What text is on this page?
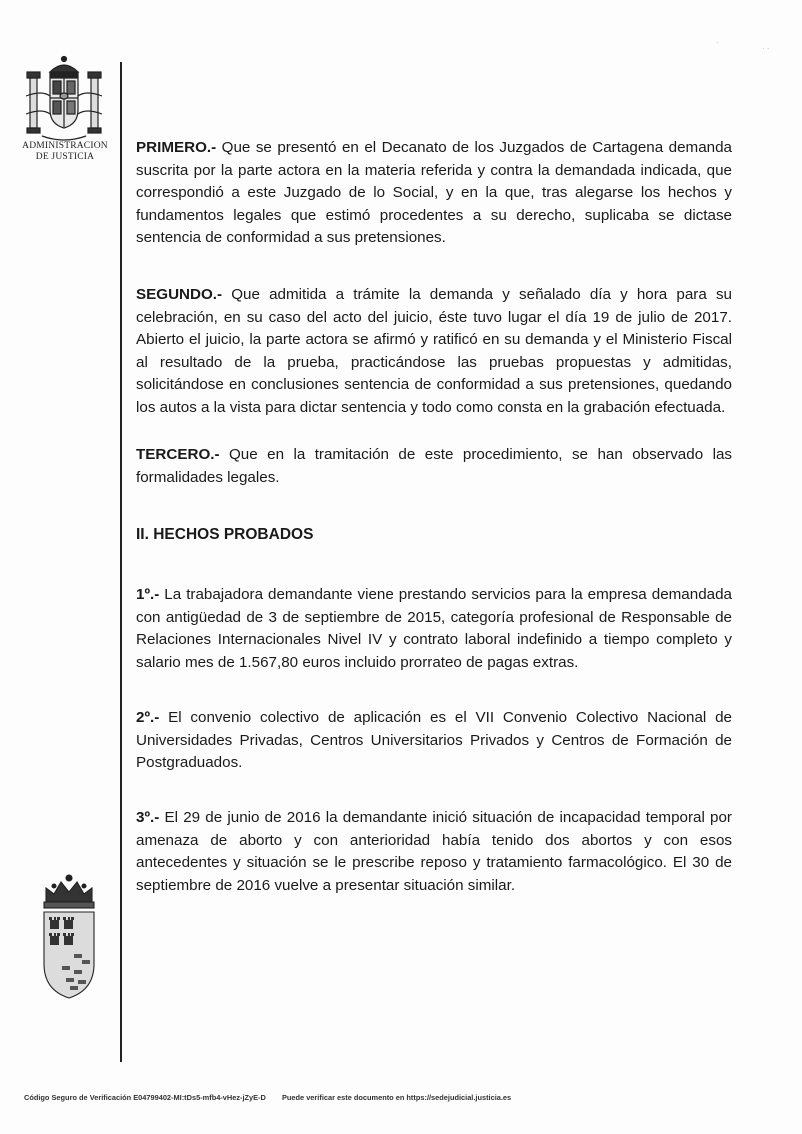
ADMINISTRACION
DE JUSTICIA
PRIMERO.- Que se presentó en el Decanato de los Juzgados de Cartagena demanda suscrita por la parte actora en la materia referida y contra la demandada indicada, que correspondió a este Juzgado de lo Social, y en la que, tras alegarse los hechos y fundamentos legales que estimó procedentes a su derecho, suplicaba se dictase sentencia de conformidad a sus pretensiones.
SEGUNDO.- Que admitida a trámite la demanda y señalado día y hora para su celebración, en su caso del acto del juicio, éste tuvo lugar el día 19 de julio de 2017. Abierto el juicio, la parte actora se afirmó y ratificó en su demanda y el Ministerio Fiscal al resultado de la prueba, practicándose las pruebas propuestas y admitidas, solicitándose en conclusiones sentencia de conformidad a sus pretensiones, quedando los autos a la vista para dictar sentencia y todo como consta en la grabación efectuada.
TERCERO.- Que en la tramitación de este procedimiento, se han observado las formalidades legales.
II. HECHOS PROBADOS
1º.- La trabajadora demandante viene prestando servicios para la empresa demandada con antigüedad de 3 de septiembre de 2015, categoría profesional de Responsable de Relaciones Internacionales Nivel IV y contrato laboral indefinido a tiempo completo y salario mes de 1.567,80 euros incluido prorrateo de pagas extras.
2º.- El convenio colectivo de aplicación es el VII Convenio Colectivo Nacional de Universidades Privadas, Centros Universitarios Privados y Centros de Formación de Postgraduados.
3º.- El 29 de junio de 2016 la demandante inició situación de incapacidad temporal por amenaza de aborto y con anterioridad había tenido dos abortos y con esos antecedentes y situación se le prescribe reposo y tratamiento farmacológico. El 30 de septiembre de 2016 vuelve a presentar situación similar.
Código Seguro de Verificación E04799402-MI:tDs5-mfb4-vHez-jZyE-D Puede verificar este documento en https://sedejudicial.justicia.es
·
· ·
